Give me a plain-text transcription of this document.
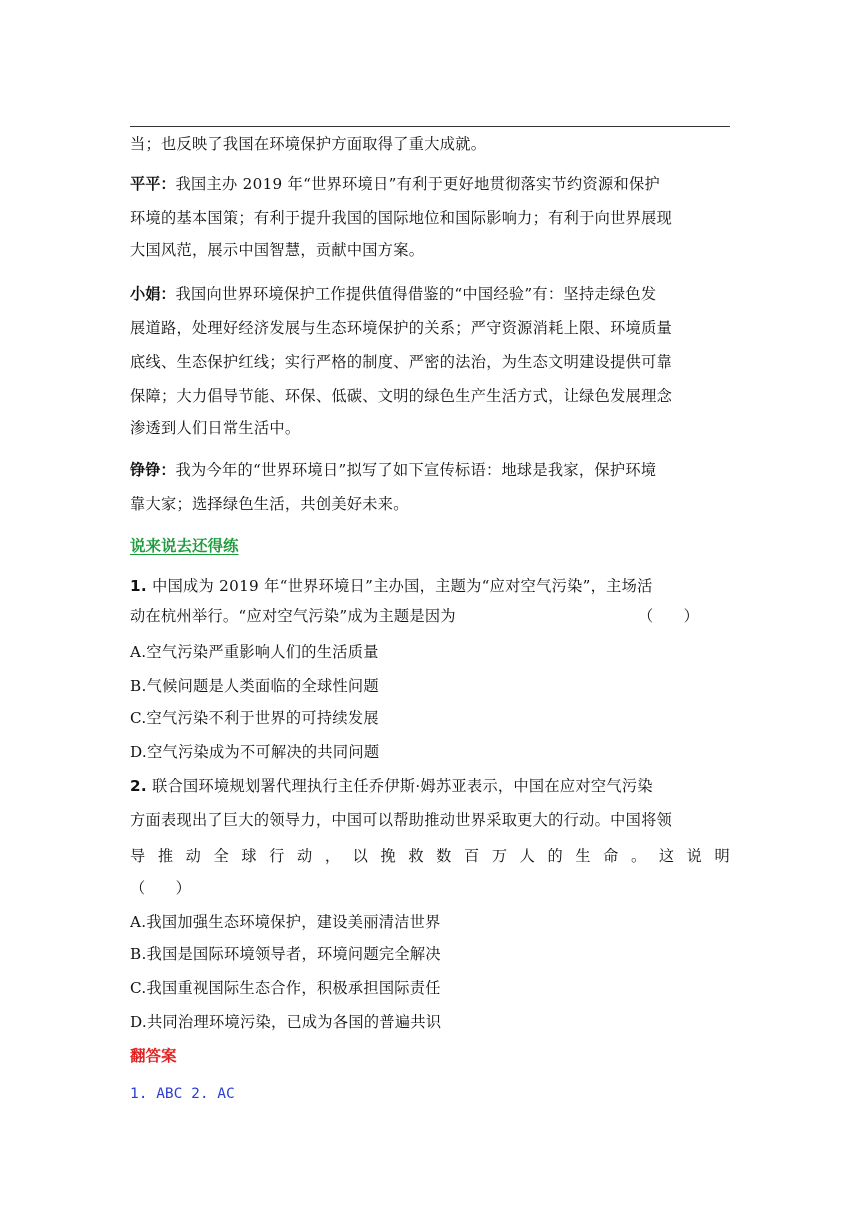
当；也反映了我国在环境保护方面取得了重大成就。
平平：我国主办 2019 年“世界环境日”有利于更好地贯彻落实节约资源和保护
环境的基本国策；有利于提升我国的国际地位和国际影响力；有利于向世界展现
大国风范，展示中国智慧，贡献中国方案。
小娟：我国向世界环境保护工作提供值得借鉴的“中国经验”有：坚持走绿色发
展道路，处理好经济发展与生态环境保护的关系；严守资源消耗上限、环境质量
底线、生态保护红线；实行严格的制度、严密的法治，为生态文明建设提供可靠
保障；大力倡导节能、环保、低碳、文明的绿色生产生活方式，让绿色发展理念
渗透到人们日常生活中。
铮铮：我为今年的“世界环境日”拟写了如下宣传标语：地球是我家，保护环境
靠大家；选择绿色生活，共创美好未来。
说来说去还得练
1. 中国成为 2019 年“世界环境日”主办国，主题为“应对空气污染”，主场活
动在杭州举行。“应对空气污染”成为主题是因为	（　　）
A.空气污染严重影响人们的生活质量
B.气候问题是人类面临的全球性问题
C.空气污染不利于世界的可持续发展
D.空气污染成为不可解决的共同问题
2. 联合国环境规划署代理执行主任乔伊斯·姆苏亚表示，中国在应对空气污染
方面表现出了巨大的领导力，中国可以帮助推动世界采取更大的行动。中国将领
导推动全球行动，以挽救数百万人的生命。这说明
（　　）
A.我国加强生态环境保护，建设美丽清洁世界
B.我国是国际环境领导者，环境问题完全解决
C.我国重视国际生态合作，积极承担国际责任
D.共同治理环境污染，已成为各国的普遍共识
翻答案
1. ABC 2. AC
